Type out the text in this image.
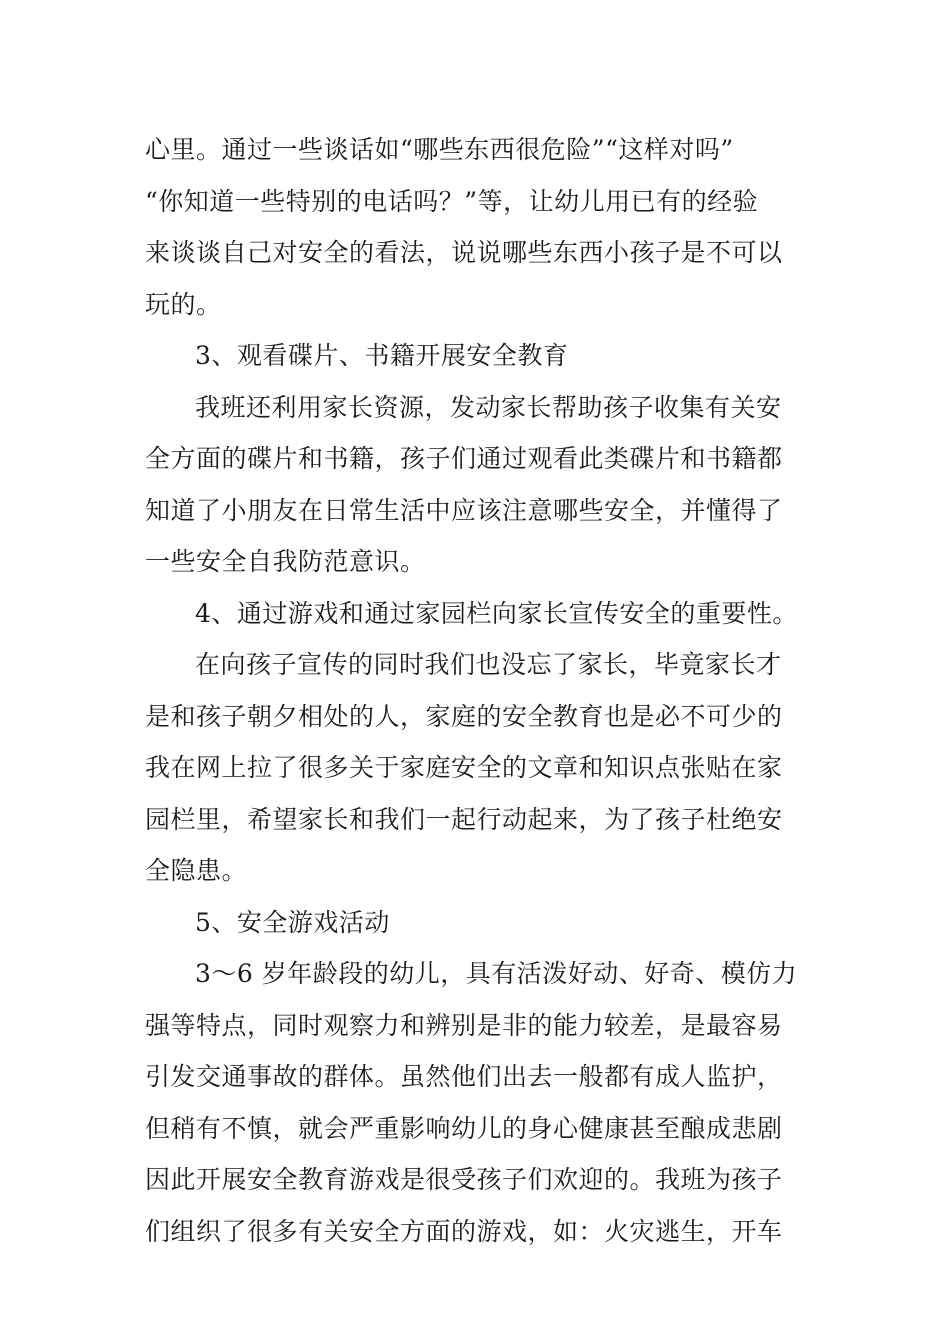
心里。通过一些谈话如“哪些东西很危险”“这样对吗”
“你知道一些特别的电话吗？”等，让幼儿用已有的经验
来谈谈自己对安全的看法，说说哪些东西小孩子是不可以
玩的。
3、观看碟片、书籍开展安全教育
我班还利用家长资源，发动家长帮助孩子收集有关安
全方面的碟片和书籍，孩子们通过观看此类碟片和书籍都
知道了小朋友在日常生活中应该注意哪些安全，并懂得了
一些安全自我防范意识。
4、通过游戏和通过家园栏向家长宣传安全的重要性。
在向孩子宣传的同时我们也没忘了家长，毕竟家长才
是和孩子朝夕相处的人，家庭的安全教育也是必不可少的
我在网上拉了很多关于家庭安全的文章和知识点张贴在家
园栏里，希望家长和我们一起行动起来，为了孩子杜绝安
全隐患。
5、安全游戏活动
3～6 岁年龄段的幼儿，具有活泼好动、好奇、模仿力
强等特点，同时观察力和辨别是非的能力较差，是最容易
引发交通事故的群体。虽然他们出去一般都有成人监护，
但稍有不慎，就会严重影响幼儿的身心健康甚至酿成悲剧
因此开展安全教育游戏是很受孩子们欢迎的。我班为孩子
们组织了很多有关安全方面的游戏，如：火灾逃生，开车
